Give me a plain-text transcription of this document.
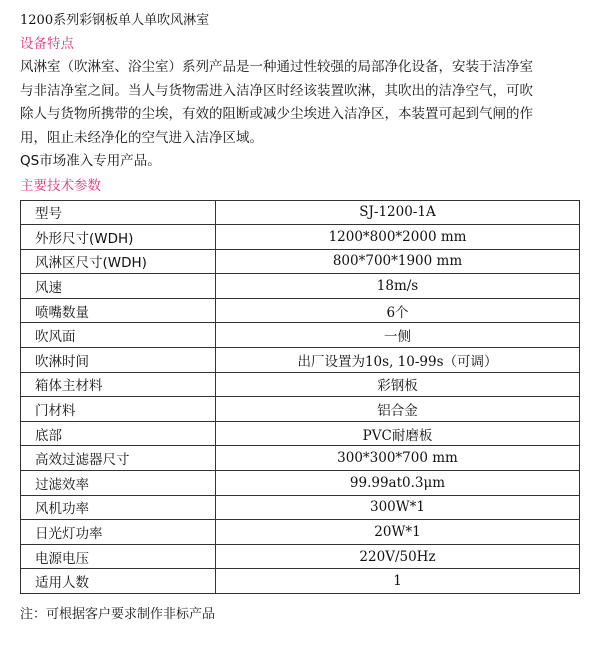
1200系列彩钢板单人单吹风淋室
设备特点

风淋室（吹淋室、浴尘室）系列产品是一种通过性较强的局部净化设备，安装于洁净室

与非洁净室之间。当人与货物需进入洁净区时经该装置吹淋，其吹出的洁净空气，可吹

除人与货物所携带的尘埃，有效的阻断或减少尘埃进入洁净区，本装置可起到气闸的作

用，阻止未经净化的空气进入洁净区域。

QS市场准入专用产品。

主要技术参数
型号	SJ-1200-1A
外形尺寸(WDH)	1200*800*2000 mm
风淋区尺寸(WDH)	800*700*1900 mm
风速	18m/s
喷嘴数量	6个
吹风面	一侧
吹淋时间	出厂设置为10s, 10-99s（可调）
箱体主材料	彩钢板
门材料	铝合金
底部	PVC耐磨板
高效过滤器尺寸	300*300*700 mm
过滤效率	99.99at0.3μm
风机功率	300W*1
日光灯功率	20W*1
电源电压	220V/50Hz
适用人数	1
注：可根据客户要求制作非标产品
